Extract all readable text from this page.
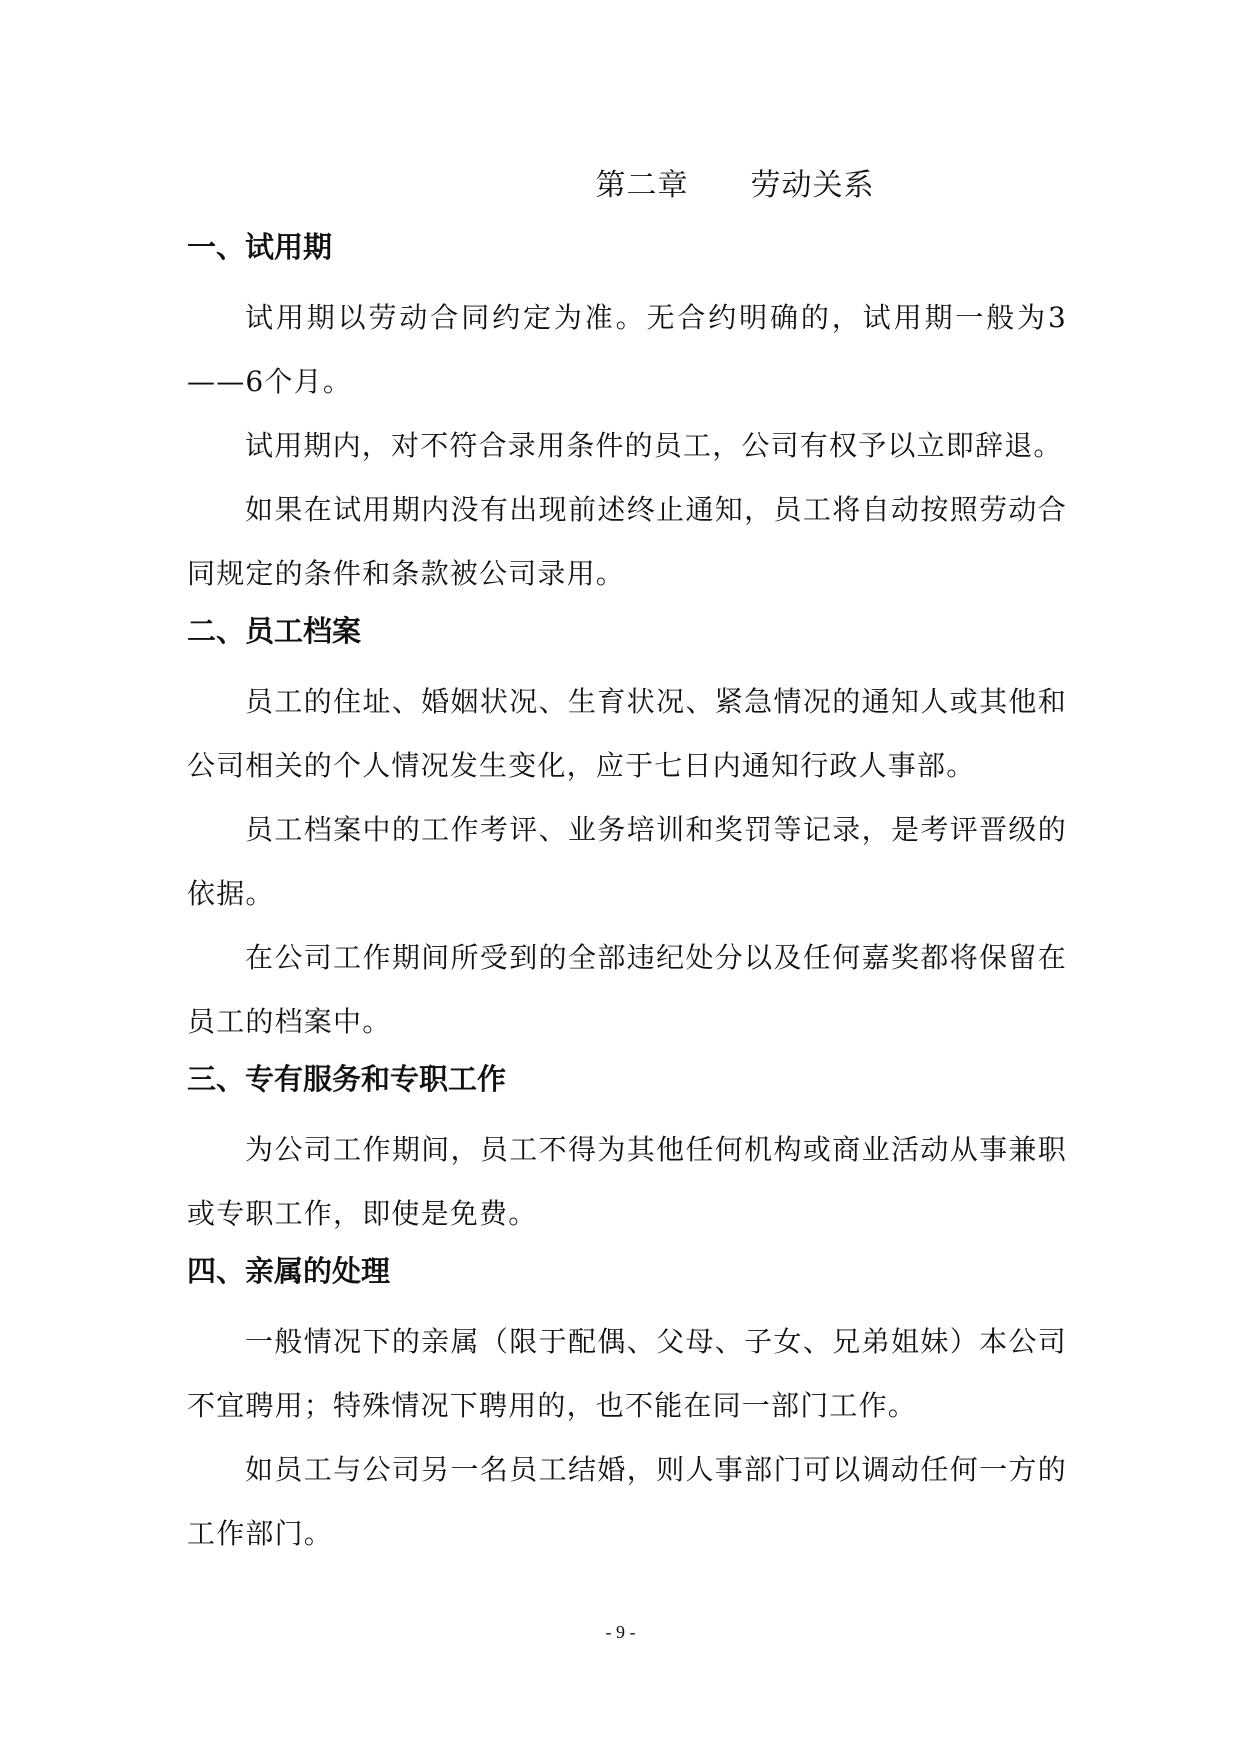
第二章　　劳动关系
一、试用期

试用期以劳动合同约定为准。无合约明确的，试用期一般为3——6个月。

试用期内，对不符合录用条件的员工，公司有权予以立即辞退。

如果在试用期内没有出现前述终止通知，员工将自动按照劳动合同规定的条件和条款被公司录用。

二、员工档案

员工的住址、婚姻状况、生育状况、紧急情况的通知人或其他和公司相关的个人情况发生变化，应于七日内通知行政人事部。

员工档案中的工作考评、业务培训和奖罚等记录，是考评晋级的依据。

在公司工作期间所受到的全部违纪处分以及任何嘉奖都将保留在员工的档案中。

三、专有服务和专职工作

为公司工作期间，员工不得为其他任何机构或商业活动从事兼职或专职工作，即使是免费。

四、亲属的处理

一般情况下的亲属（限于配偶、父母、子女、兄弟姐妹）本公司不宜聘用；特殊情况下聘用的，也不能在同一部门工作。

如员工与公司另一名员工结婚，则人事部门可以调动任何一方的工作部门。

- 9 -
